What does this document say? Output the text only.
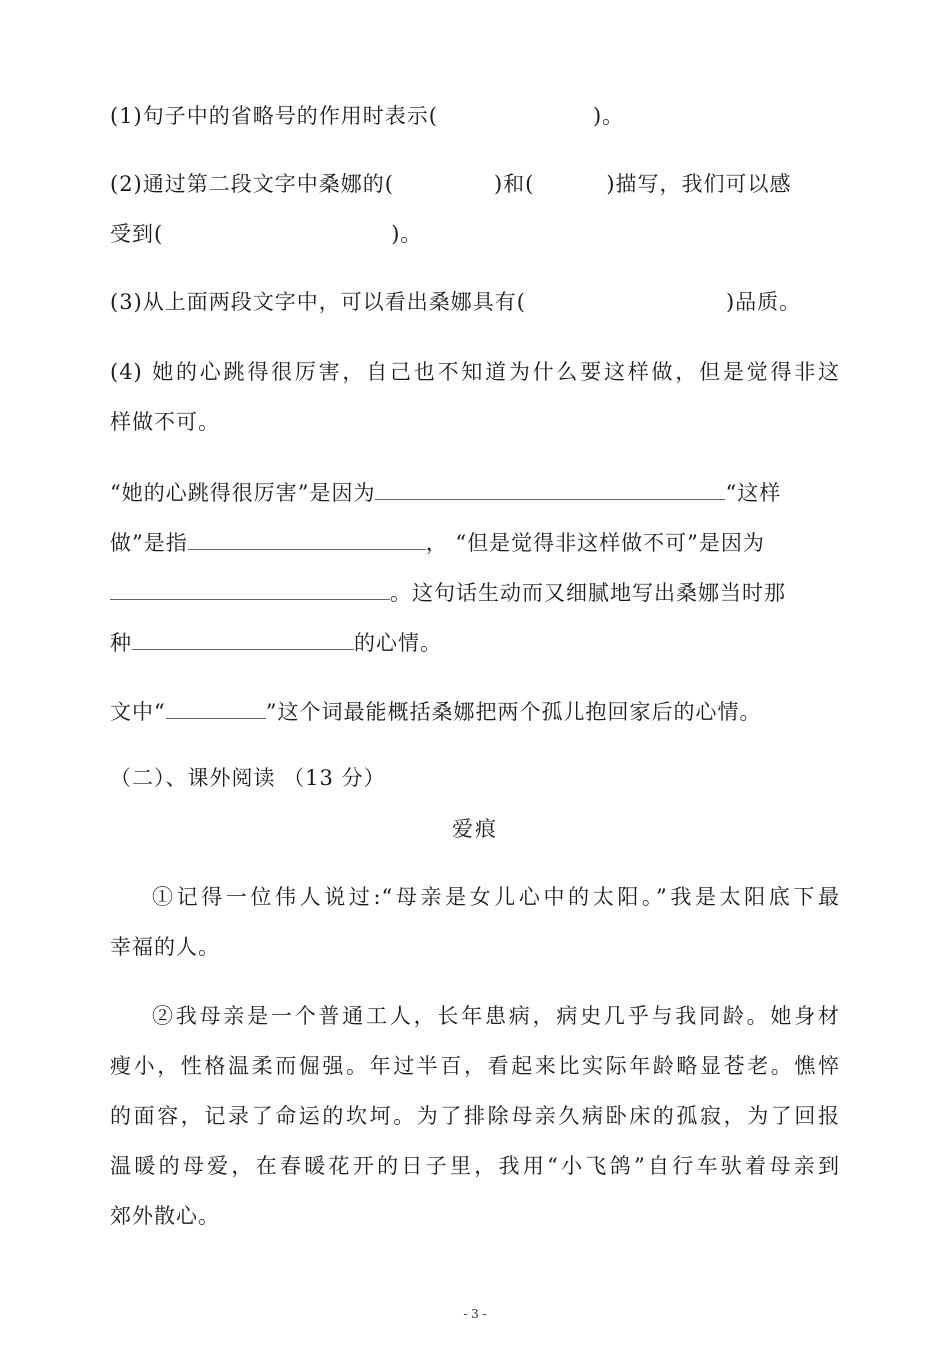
(1)句子中的省略号的作用时表示(	)。
(2)通过第二段文字中桑娜的(	)和(	)描写，我们可以感
受到(	)。
(3)从上面两段文字中，可以看出桑娜具有(	)品质。
(4) 她的心跳得很厉害，自己也不知道为什么要这样做，但是觉得非这
样做不可。
“她的心跳得很厉害”是因为	“这样
做”是指	， “但是觉得非这样做不可”是因为
。这句话生动而又细腻地写出桑娜当时那
种	的心情。
文中“	”这个词最能概括桑娜把两个孤儿抱回家后的心情。
（二）、课外阅读 （13 分）
爱痕
①记得一位伟人说过:“母亲是女儿心中的太阳。”我是太阳底下最
幸福的人。
②我母亲是一个普通工人，长年患病，病史几乎与我同龄。她身材
瘦小，性格温柔而倔强。年过半百，看起来比实际年龄略显苍老。憔悴
的面容，记录了命运的坎坷。为了排除母亲久病卧床的孤寂，为了回报
温暖的母爱，在春暖花开的日子里，我用“小飞鸽”自行车驮着母亲到
郊外散心。
- 3 -
